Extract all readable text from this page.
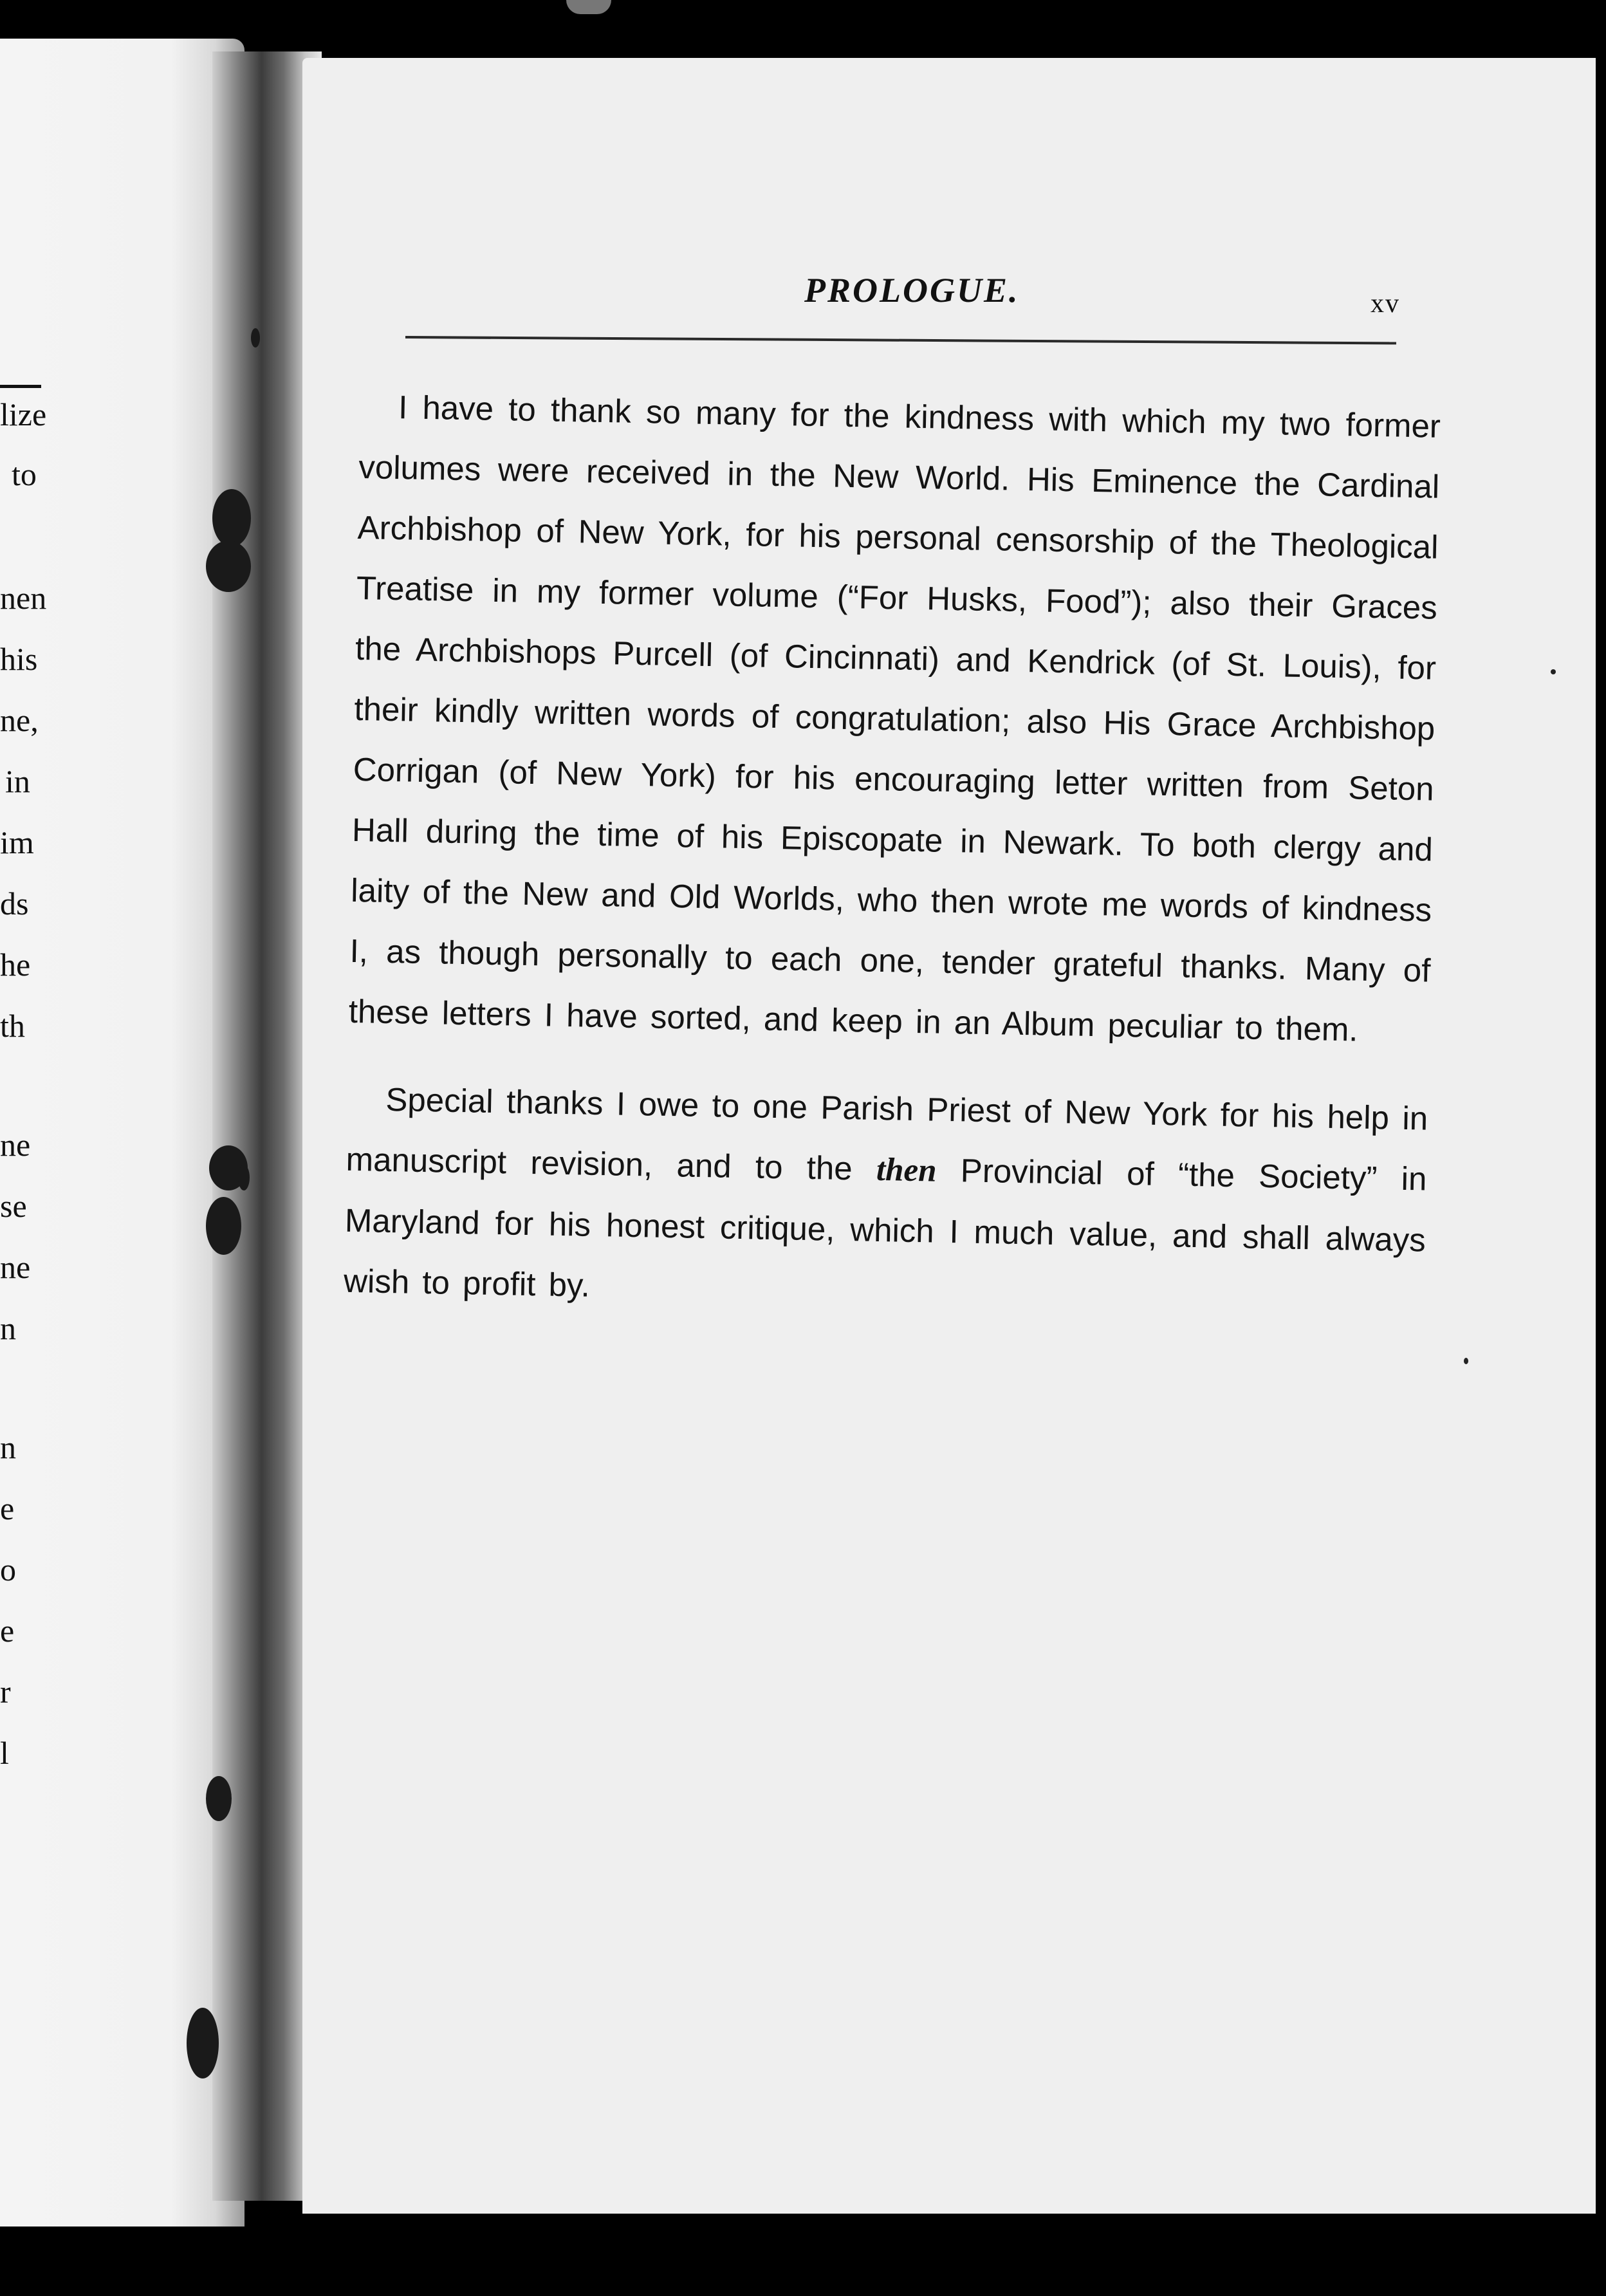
lize
to
nen
his
ne,
in
im
ds
he
th
ne
se
ne
n
n
e
o
e
r
l
PROLOGUE.	xv

I have to thank so many for the kindness with which my two former volumes were received in the New World. His Eminence the Cardinal Archbishop of New York, for his personal censorship of the Theological Treatise in my former volume (“For Husks, Food”); also their Graces the Archbishops Purcell (of Cincinnati) and Kendrick (of St. Louis), for their kindly written words of congratulation; also His Grace Archbishop Corrigan (of New York) for his encouraging letter written from Seton Hall during the time of his Episcopate in Newark. To both clergy and laity of the New and Old Worlds, who then wrote me words of kindness I, as though personally to each one, tender grateful thanks. Many of these letters I have sorted, and keep in an Album peculiar to them.

Special thanks I owe to one Parish Priest of New York for his help in manuscript revision, and to the then Provincial of “the Society” in Maryland for his honest critique, which I much value, and shall always wish to profit by.
